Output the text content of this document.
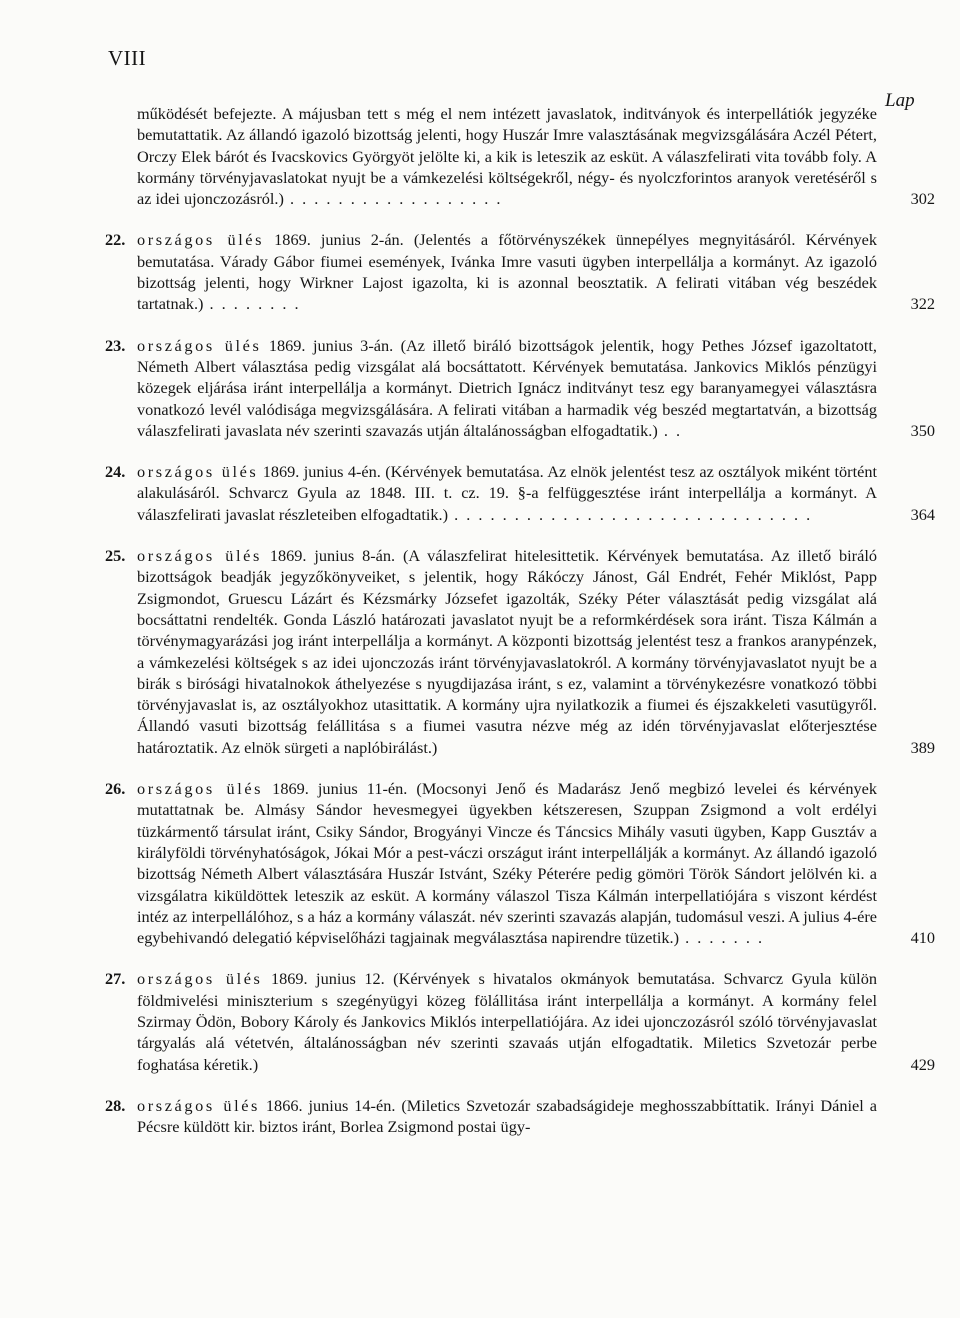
VIII
Lap
működését befejezte. A májusban tett s még el nem intézett javaslatok, inditványok és interpellátiók jegyzéke bemutattatik. Az állandó igazoló bizottság jelenti, hogy Huszár Imre valasztásának megvizsgálására Aczél Pétert, Orczy Elek bárót és Ivacskovics Györgyöt jelölte ki, a kik is leteszik az esküt. A válaszfelirati vita tovább foly. A kormány törvényjavaslatokat nyujt be a vámkezelési költségekről, négy- és nyolczforintos aranyok veretéséről s az idei ujonczozásról.) . . . . . . . . . . . . . . . . . .	302
22. országos ülés 1869. junius 2-án. (Jelentés a főtörvényszékek ünnepélyes megnyitásáról. Kérvények bemutatása. Várady Gábor fiumei események, Ivánka Imre vasuti ügyben interpellálja a kormányt. Az igazoló bizottság jelenti, hogy Wirkner Lajost igazolta, ki is azonnal beosztatik. A felirati vitában vég beszédek tartatnak.) . . . . . . . .	322
23. országos ülés 1869. junius 3-án. (Az illető biráló bizottságok jelentik, hogy Pethes József igazoltatott, Németh Albert választása pedig vizsgálat alá bocsáttatott. Kérvények bemutatása. Jankovics Miklós pénzügyi közegek eljárása iránt interpellálja a kormányt. Dietrich Ignácz inditványt tesz egy baranyamegyei választásra vonatkozó levél valódisága megvizsgálására. A felirati vitában a harmadik vég beszéd megtartatván, a bizottság válaszfelirati javaslata név szerinti szavazás utján általánosságban elfogadtatik.) . .	350
24. országos ülés 1869. junius 4-én. (Kérvények bemutatása. Az elnök jelentést tesz az osztályok miként történt alakulásáról. Schvarcz Gyula az 1848. III. t. cz. 19. §-a felfüggesztése iránt interpellálja a kormányt. A válaszfelirati javaslat részleteiben elfogadtatik.) . . . . . . . . . . . . . . . . . . . . . . . . . . . . . .	364
25. országos ülés 1869. junius 8-án. (A válaszfelirat hitelesittetik. Kérvények bemutatása. Az illető biráló bizottságok beadják jegyzőkönyveiket, s jelentik, hogy Rákóczy Jánost, Gál Endrét, Fehér Miklóst, Papp Zsigmondot, Gruescu Lázárt és Kézsmárky Józsefet igazolták, Széky Péter választását pedig vizsgálat alá bocsáttatni rendelték. Gonda László határozati javaslatot nyujt be a reformkérdések sora iránt. Tisza Kálmán a törvénymagyarázási jog iránt interpellálja a kormányt. A központi bizottság jelentést tesz a frankos aranypénzek, a vámkezelési költségek s az idei ujonczozás iránt törvényjavaslatokról. A kormány törvényjavaslatot nyujt be a birák s birósági hivatalnokok áthelyezése s nyugdijazása iránt, s ez, valamint a törvénykezésre vonatkozó többi törvényjavaslat is, az osztályokhoz utasittatik. A kormány ujra nyilatkozik a fiumei és éjszakkeleti vasutügyről. Állandó vasuti bizottság felállitása s a fiumei vasutra nézve még az idén törvényjavaslat előterjesztése határoztatik. Az elnök sürgeti a naplóbirálást.)	389
26. országos ülés 1869. junius 11-én. (Mocsonyi Jenő és Madarász Jenő megbizó levelei és kérvények mutattatnak be. Almásy Sándor hevesmegyei ügyekben kétszeresen, Szuppan Zsigmond a volt erdélyi tüzkármentő társulat iránt, Csiky Sándor, Brogyányi Vincze és Táncsics Mihály vasuti ügyben, Kapp Gusztáv a királyföldi törvényhatóságok, Jókai Mór a pest-váczi országut iránt interpellálják a kormányt. Az állandó igazoló bizottság Németh Albert választására Huszár Istvánt, Széky Péterére pedig gömöri Török Sándort jelölvén ki. a vizsgálatra kiküldöttek leteszik az esküt. A kormány válaszol Tisza Kálmán interpellatiójára s viszont kérdést intéz az interpellálóhoz, s a ház a kormány válaszát. név szerinti szavazás alapján, tudomásul veszi. A julius 4-ére egybehivandó delegatió képviselőházi tagjainak megválasztása napirendre tüzetik.) . . . . . . .	410
27. országos ülés 1869. junius 12. (Kérvények s hivatalos okmányok bemutatása. Schvarcz Gyula külön földmivelési miniszterium s szegényügyi közeg fölállitása iránt interpellálja a kormányt. A kormány felel Szirmay Ödön, Bobory Károly és Jankovics Miklós interpellatiójára. Az idei ujonczozásról szóló törvényjavaslat tárgyalás alá vétetvén, általánosságban név szerinti szavaás utján elfogadtatik. Miletics Szvetozár perbe foghatása kéretik.)	429
28. országos ülés 1866. junius 14-én. (Miletics Szvetozár szabadságideje meghosszabbíttatik. Irányi Dániel a Pécsre küldött kir. biztos iránt, Borlea Zsigmond postai ügy-
